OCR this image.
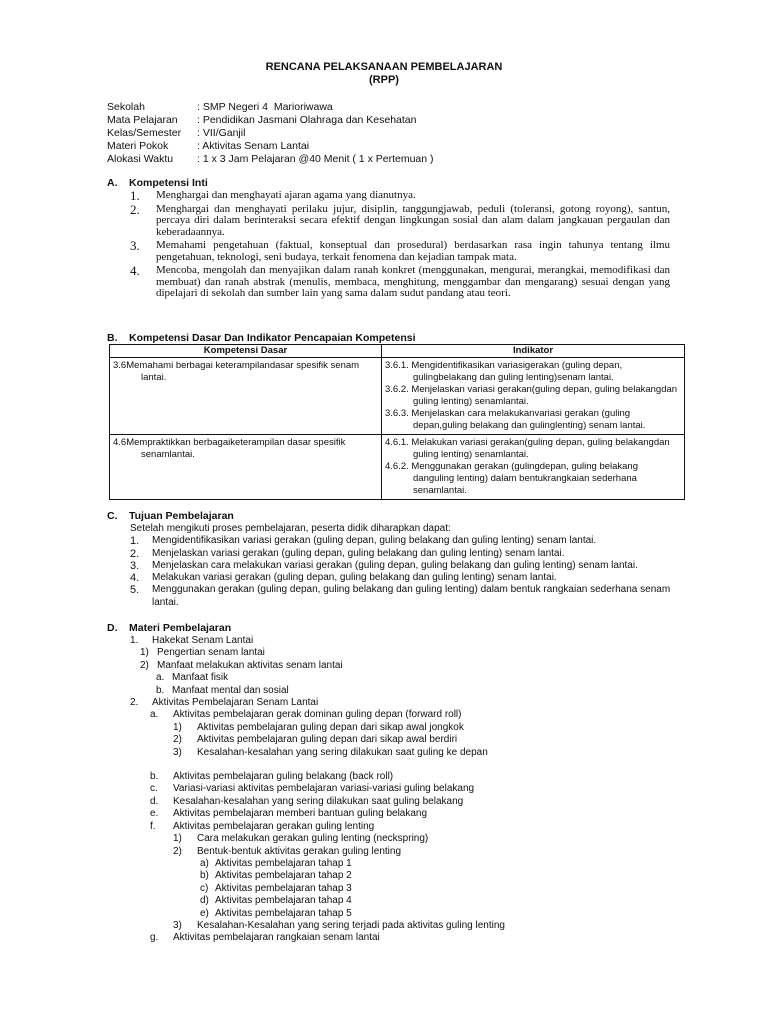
RENCANA PELAKSANAAN PEMBELAJARAN
(RPP)
Sekolah	: SMP Negeri 4  Marioriwawa
Mata Pelajaran	: Pendidikan Jasmani Olahraga dan Kesehatan
Kelas/Semester	: VII/Ganjil
Materi Pokok	: Aktivitas Senam Lantai
Alokasi Waktu	: 1 x 3 Jam Pelajaran @40 Menit ( 1 x Pertemuan )
A. Kompetensi Inti
1.	Menghargai dan menghayati ajaran agama yang dianutnya.
2.	Menghargai dan menghayati perilaku jujur, disiplin, tanggungjawab, peduli (toleransi, gotong royong), santun, percaya diri dalam berinteraksi secara efektif dengan lingkungan sosial dan alam dalam jangkauan pergaulan dan keberadaannya.
3.	Memahami pengetahuan (faktual, konseptual dan prosedural) berdasarkan rasa ingin tahunya tentang ilmu pengetahuan, teknologi, seni budaya, terkait fenomena dan kejadian tampak mata.
4.	Mencoba, mengolah dan menyajikan dalam ranah konkret (menggunakan, mengurai, merangkai, memodifikasi dan membuat) dan ranah abstrak (menulis, membaca, menghitung, menggambar dan mengarang) sesuai dengan yang dipelajari di sekolah dan sumber lain yang sama dalam sudut pandang atau teori.
B. Kompetensi Dasar Dan Indikator Pencapaian Kompetensi
Kompetensi Dasar	Indikator

3.6Memahami berbagai keterampilandasar spesifik senam lantai.	3.6.1. Mengidentifikasikan variasigerakan (guling depan, gulingbelakang dan guling lenting)senam lantai.
3.6.2. Menjelaskan variasi gerakan(guling depan, guling belakangdan guling lenting) senamlantai.
3.6.3. Menjelaskan cara melakukanvariasi gerakan (guling depan,guling belakang dan gulinglenting) senam lantai.

4.6Mempraktikkan berbagaiketerampilan dasar spesifik senamlantai.	4.6.1. Melakukan variasi gerakan(guling depan, guling belakangdan guling lenting) senamlantai.
4.6.2. Menggunakan gerakan (gulingdepan, guling belakang danguling lenting) dalam bentukrangkaian sederhana senamlantai.
C. Tujuan Pembelajaran
Setelah mengikuti proses pembelajaran, peserta didik diharapkan dapat:
1.	Mengidentifikasikan variasi gerakan (guling depan, guling belakang dan guling lenting) senam lantai.
2.	Menjelaskan variasi gerakan (guling depan, guling belakang dan guling lenting) senam lantai.
3.	Menjelaskan cara melakukan variasi gerakan (guling depan, guling belakang dan guling lenting) senam lantai.
4.	Melakukan variasi gerakan (guling depan, guling belakang dan guling lenting) senam lantai.
5.	Menggunakan gerakan (guling depan, guling belakang dan guling lenting) dalam bentuk rangkaian sederhana senam lantai.
D. Materi Pembelajaran
1.	Hakekat Senam Lantai
1) Pengertian senam lantai
2) Manfaat melakukan aktivitas senam lantai
a. Manfaat fisik
b. Manfaat mental dan sosial
2.	Aktivitas Pembelajaran Senam Lantai
a.	Aktivitas pembelajaran gerak dominan guling depan (forward roll)
1)	Aktivitas pembelajaran guling depan dari sikap awal jongkok
2)	Aktivitas pembelajaran guling depan dari sikap awal berdiri
3)	Kesalahan-kesalahan yang sering dilakukan saat guling ke depan
b.	Aktivitas pembelajaran guling belakang (back roll)
c.	Variasi-variasi aktivitas pembelajaran variasi-variasi guling belakang
d.	Kesalahan-kesalahan yang sering dilakukan saat guling belakang
e.	Aktivitas pembelajaran memberi bantuan guling belakang
f.	Aktivitas pembelajaran gerakan guling lenting
1)	Cara melakukan gerakan guling lenting (neckspring)
2)	Bentuk-bentuk aktivitas gerakan guling lenting
a) Aktivitas pembelajaran tahap 1
b) Aktivitas pembelajaran tahap 2
c) Aktivitas pembelajaran tahap 3
d) Aktivitas pembelajaran tahap 4
e) Aktivitas pembelajaran tahap 5
3)	Kesalahan-Kesalahan yang sering terjadi pada aktivitas guling lenting
g.	Aktivitas pembelajaran rangkaian senam lantai
